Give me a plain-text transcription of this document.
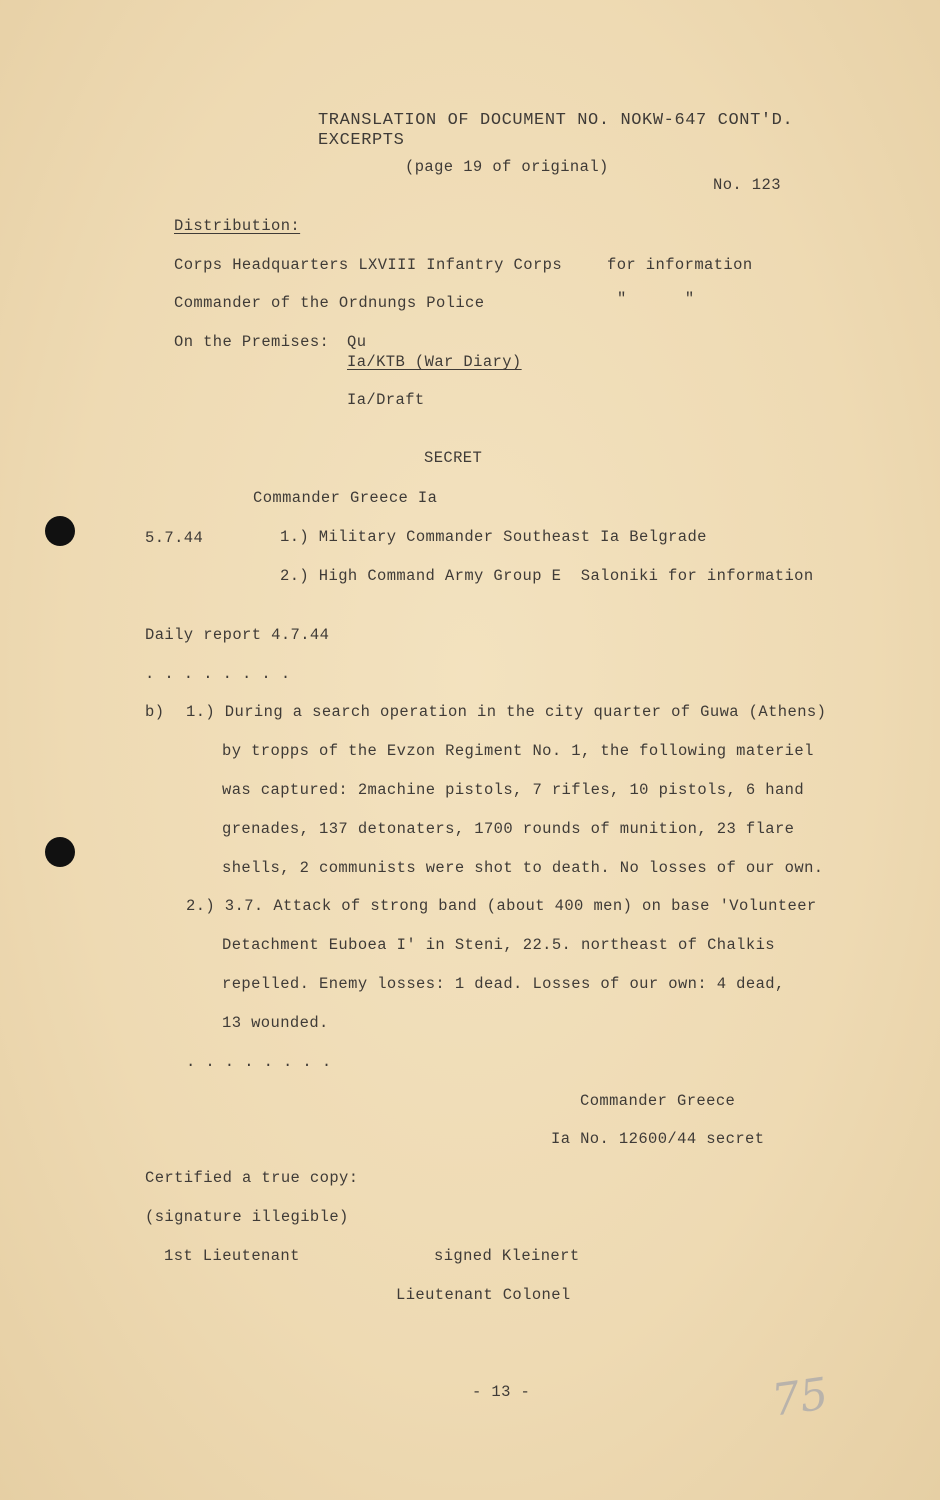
TRANSLATION OF DOCUMENT NO. NOKW-647 CONT'D.
EXCERPTS
(page 19 of original)
No. 123
Distribution:
Corps Headquarters LXVIII Infantry Corps	for information
Commander of the Ordnungs Police	"      "
On the Premises: Qu
Ia/KTB (War Diary)
Ia/Draft
SECRET
Commander Greece Ia
5.7.44	1.) Military Commander Southeast Ia Belgrade
2.) High Command Army Group E  Saloniki for information
Daily report 4.7.44
. . . . . . . .
b) 1.) During a search operation in the city quarter of Guwa (Athens)
by tropps of the Evzon Regiment No. 1, the following materiel
was captured: 2machine pistols, 7 rifles, 10 pistols, 6 hand
grenades, 137 detonaters, 1700 rounds of munition, 23 flare
shells, 2 communists were shot to death. No losses of our own.
2.) 3.7. Attack of strong band (about 400 men) on base 'Volunteer
Detachment Euboea I' in Steni, 22.5. northeast of Chalkis
repelled. Enemy losses: 1 dead. Losses of our own: 4 dead,
13 wounded.
. . . . . . . .
Commander Greece
Ia No. 12600/44 secret
Certified a true copy:
(signature illegible)
1st Lieutenant	signed Kleinert
Lieutenant Colonel
- 13 -	75
